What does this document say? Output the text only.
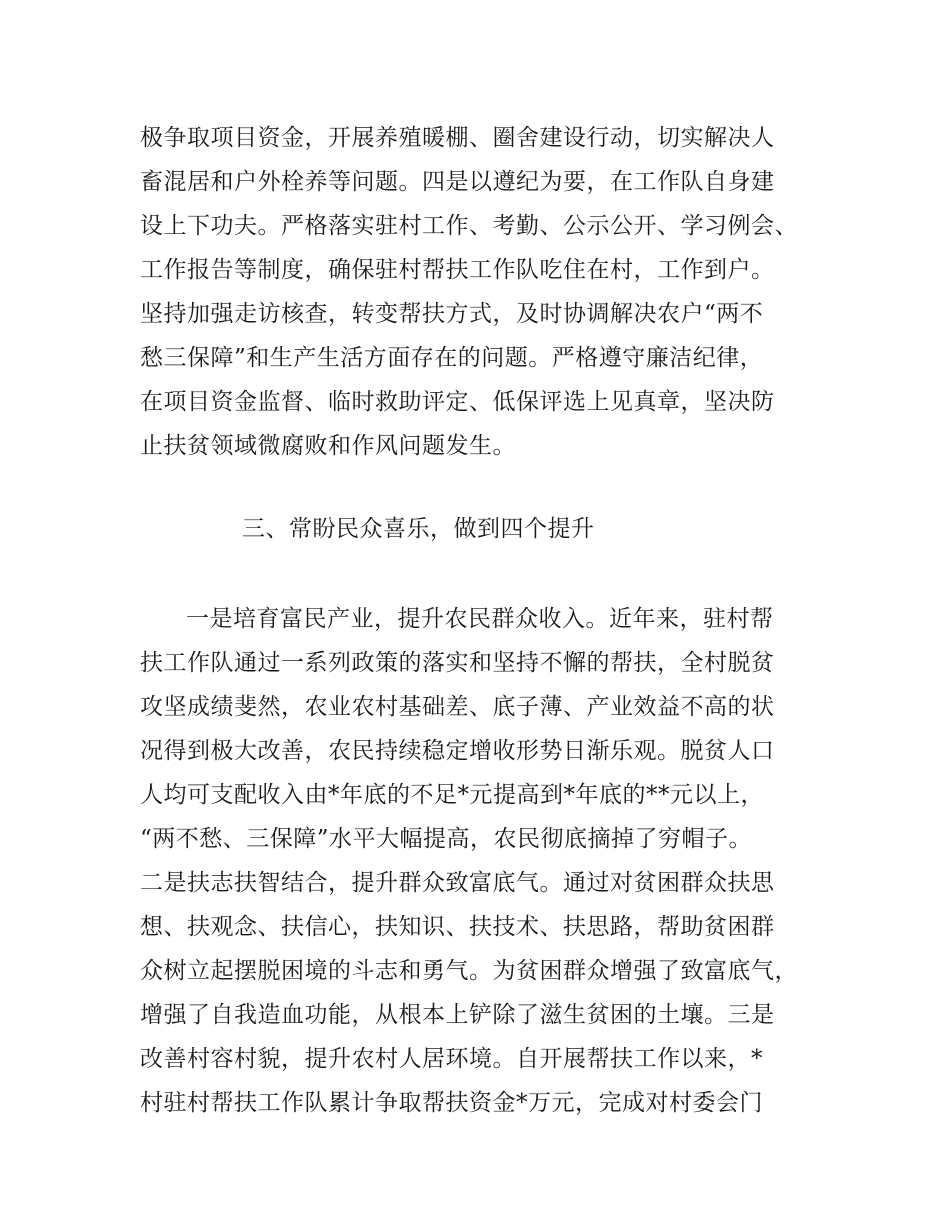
极争取项目资金，开展养殖暖棚、圈舍建设行动，切实解决人
畜混居和户外栓养等问题。四是以遵纪为要，在工作队自身建
设上下功夫。严格落实驻村工作、考勤、公示公开、学习例会、
工作报告等制度，确保驻村帮扶工作队吃住在村，工作到户。
坚持加强走访核查，转变帮扶方式，及时协调解决农户“两不
愁三保障”和生产生活方面存在的问题。严格遵守廉洁纪律，
在项目资金监督、临时救助评定、低保评选上见真章，坚决防
止扶贫领域微腐败和作风问题发生。
三、常盼民众喜乐，做到四个提升
一是培育富民产业，提升农民群众收入。近年来，驻村帮
扶工作队通过一系列政策的落实和坚持不懈的帮扶，全村脱贫
攻坚成绩斐然，农业农村基础差、底子薄、产业效益不高的状
况得到极大改善，农民持续稳定增收形势日渐乐观。脱贫人口
人均可支配收入由*年底的不足*元提高到*年底的**元以上，
“两不愁、三保障”水平大幅提高，农民彻底摘掉了穷帽子。
二是扶志扶智结合，提升群众致富底气。通过对贫困群众扶思
想、扶观念、扶信心，扶知识、扶技术、扶思路，帮助贫困群
众树立起摆脱困境的斗志和勇气。为贫困群众增强了致富底气，
增强了自我造血功能，从根本上铲除了滋生贫困的土壤。三是
改善村容村貌，提升农村人居环境。自开展帮扶工作以来，*
村驻村帮扶工作队累计争取帮扶资金*万元，完成对村委会门
